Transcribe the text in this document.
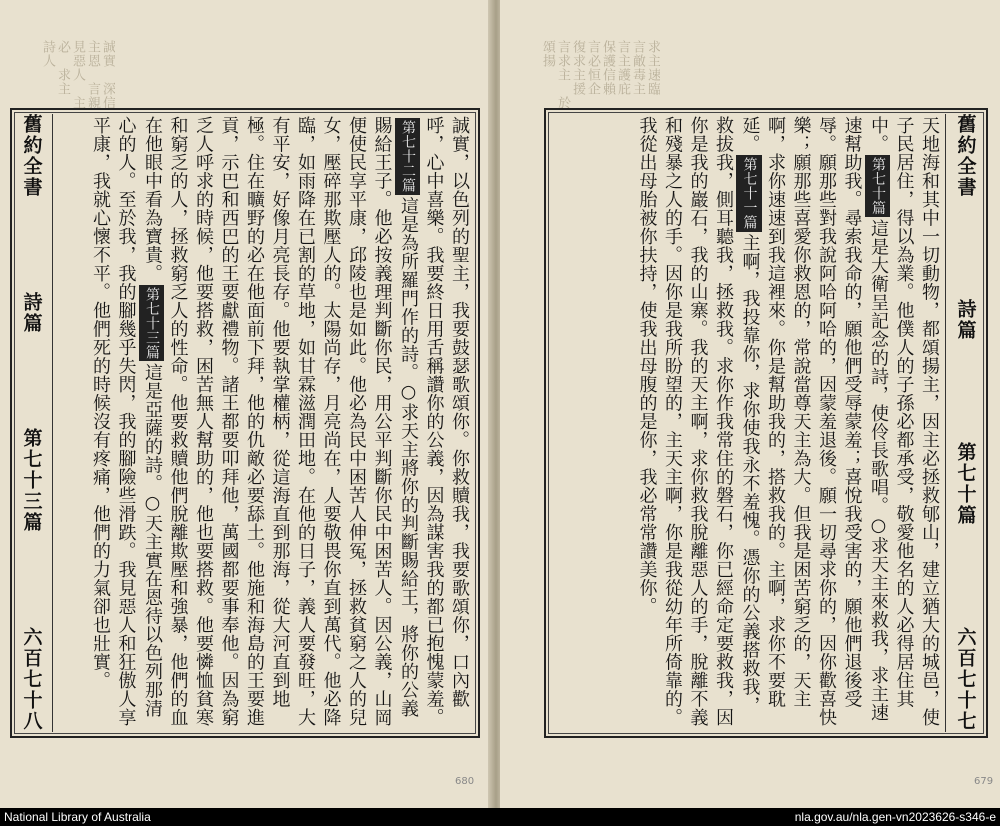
誠實　深信主恩　言親見惡人　主必　求主　詩人
舊約全書
詩篇
第七十三篇
六百七十八	誠實，以色列的聖主，我要鼓瑟歌頌你。你救贖我，我要歌頌你，口內歡呼，心中喜樂。我要終日用舌稱讚你的公義，因為謀害我的都已抱愧蒙羞。第七十二篇這是為所羅門作的詩。○求天主將你的判斷賜給王，將你的公義賜給王子。他必按義理判斷你民，用公平判斷你民中困苦人。因公義，山岡便使民享平康，邱陵也是如此。他必為民中困苦人伸冤，拯救貧窮之人的兒女，壓碎那欺壓人的。太陽尚存，月亮尚在，人要敬畏你直到萬代。他必降臨，如雨降在已割的草地，如甘霖滋潤田地。在他的日子，義人要發旺，大有平安，好像月亮長存。他要執掌權柄，從這海直到那海，從大河直到地極。住在曠野的必在他面前下拜，他的仇敵必要舔土。他施和海島的王要進貢，示巴和西巴的王要獻禮物。諸王都要叩拜他，萬國都要事奉他。因為窮乏人呼求的時候，他要搭救，困苦無人幫助的，他也要搭救。他要憐恤貧寒和窮乏的人，拯救窮乏人的性命。他要救贖他們脫離欺壓和強暴，他們的血在他眼中看為寶貴。第七十三篇這是亞薩的詩。○天主實在恩待以色列那清心的人。至於我，我的腳幾乎失閃，我的腳險些滑跌。我見惡人和狂傲人享平康，我就心懷不平。他們死的時候沒有疼痛，他們的力氣卻也壯實。
680
求主速臨　言敵毒主　言主護庇　保護信賴　言必恒企　復求主援　言求主　於頌揚
舊約全書
詩篇
第七十篇
六百七十七
天地海和其中一切動物，都頌揚主，因主必拯救郇山，建立猶大的城邑，使子民居住，得以為業。他僕人的子孫必都承受，敬愛他名的人必得居住其中。第七十篇這是大衛呈記念的詩，使伶長歌唱。○求天主來救我，求主速速幫助我。尋索我命的，願他們受辱蒙羞；喜悅我受害的，願他們退後受辱。願那些對我說阿哈阿哈的，因蒙羞退後。願一切尋求你的，因你歡喜快樂；願那些喜愛你救恩的，常說當尊天主為大。但我是困苦窮乏的，天主啊，求你速速到我這裡來。你是幫助我的，搭救我的。主啊，求你不要耽延。第七十一篇主啊，我投靠你，求你使我永不羞愧。憑你的公義搭救我，救拔我，側耳聽我，拯救我。求你作我常住的磐石，你已經命定要救我，因你是我的巖石，我的山寨。我的天主啊，求你救我脫離惡人的手，脫離不義和殘暴之人的手。因你是我所盼望的，主天主啊，你是我從幼年所倚靠的。我從出母胎被你扶持，使我出母腹的是你，我必常常讚美你。
679
National Library of Australia	nla.gov.au/nla.gen-vn2023626-s346-e
